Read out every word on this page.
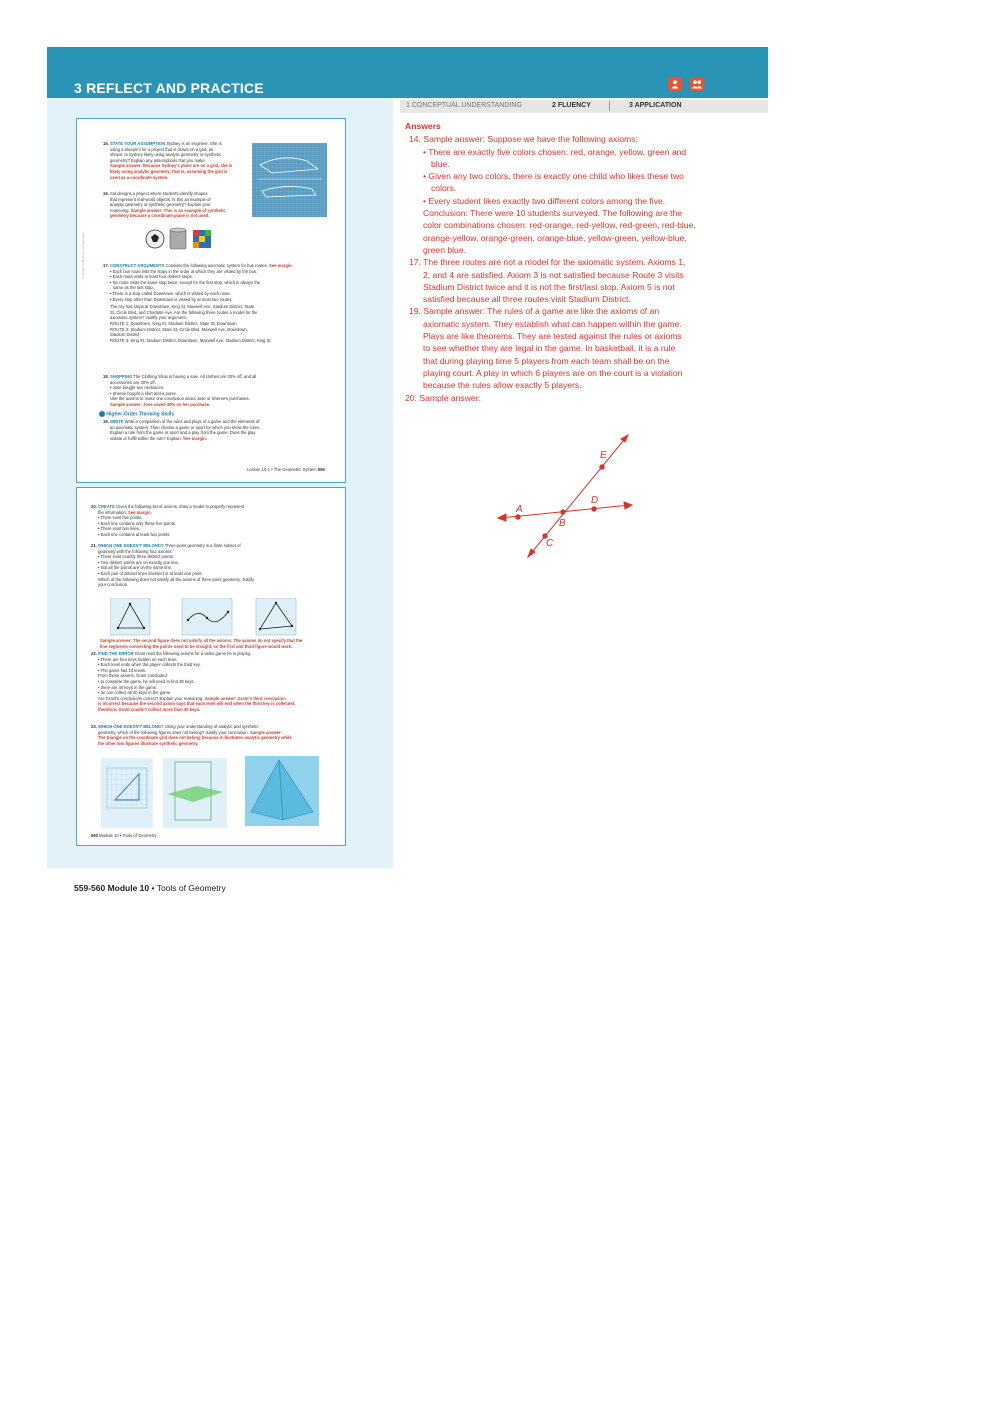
3 REFLECT AND PRACTICE
1 CONCEPTUAL UNDERSTANDING	2 FLUENCY	3 APPLICATION
Copyright © McGraw-Hill Education
15. STATE YOUR ASSUMPTION Sydney is an engineer. She is
using a blueprint for a project that is drawn on a grid, as
shown. Is Sydney likely using analytic geometry or synthetic
geometry? Explain any assumptions that you make.
Sample answer: Because Sydney's plans are on a grid, she is
likely using analytic geometry; that is, assuming the grid is
used as a coordinate system.
16. Sol designs a project where students identify shapes
that represent real-world objects. Is this an example of
analytic geometry or synthetic geometry? Explain your
reasoning. Sample answer: This is an example of synthetic
geometry because a coordinate plane is not used.
17. CONSTRUCT ARGUMENTS Consider the following axiomatic system for bus routes. See margin.
• Each bus route lists the stops in the order at which they are visited by the bus.
• Each route visits at least four distinct stops.
• No route visits the same stop twice, except for the first stop, which is always the
same as the last stop.
• There is a stop called Downtown, which is visited by each route.
• Every stop other than Downtown is visited by at most two routes.
The city has stops at Downtown, King St, Maxwell Ave, Stadium District, State
St, Circle Blvd, and Charlotte Ave. Are the following three routes a model for the
axiomatic system? Justify your argument.
ROUTE 1: Downtown, King St, Stadium District, State St, Downtown
ROUTE 2: Stadium District, State St, Circle Blvd, Maxwell Ave, Downtown,
Stadium District
ROUTE 3: King St, Stadium District, Downtown, Maxwell Ave, Stadium District, King St
18. SHOPPING The Clothing Shop is having a sale. All clothes are 20% off, and all
accessories are 30% off.
• Jose bought two necklaces.
• Sheree bought a shirt and a purse.
Use the axioms to make one conclusion about Jose or Sheree's purchases.
Sample answer: Jose saved 30% on her purchase.
Higher-Order Thinking Skills
19. WRITE Write a comparison of the rules and plays of a game and the elements of
an axiomatic system. Then choose a game or sport for which you know the rules.
Explain a rule from the game or sport and a play from the game. Does the play
violate or fulfill within the rule? Explain. See margin.
Lesson 10-1 • The Geometric System 559
20. CREATE Given the following list of axioms, draw a model to properly represent
the information. See margin.
• There exist five points.
• Each line contains only these five points.
• There exist two lines.
• Each line contains at least two points.
21. WHICH ONE DOESN'T BELONG? Three-point geometry is a finite subset of
geometry with the following four axioms:
• There exist exactly three distinct points.
• Two distinct points are on exactly one line.
• Not all the points are on the same line.
• Each pair of distinct lines intersect in at least one point.
Which of the following does not satisfy all the axioms of three-point geometry. Justify
your conclusion.
Sample answer: The second figure does not satisfy all the axioms. The axioms do not specify that the
line segments connecting the points need to be straight, so the first and third figure would work.
22. FIND THE ERROR Grant read the following axioms for a video game he is playing.
• There are four keys hidden on each level.
• Each level ends when the player collects the third key.
• The game has 10 levels.
From these axioms, Grant concluded:
• to complete the game, he will need to find 30 keys.
• there are 40 keys in the game.
• he can collect all 40 keys in the game.
Are Grant's conclusions correct? Explain your reasoning. Sample answer: Grant's third conclusion
is incorrect because the second axiom says that each level will end when the third key is collected;
therefore, Grant couldn't collect more than 30 keys.
23. WHICH ONE DOESN'T BELONG? Using your understanding of analytic and synthetic
geometry, which of the following figures does not belong? Justify your conclusion. Sample answer:
The triangle on the coordinate grid does not belong because it illustrates analytic geometry while
the other two figures illustrate synthetic geometry.
560 Module 10 • Tools of Geometry
Answers
14. Sample answer: Suppose we have the following axioms:
• There are exactly five colors chosen: red, orange, yellow, green and
blue.
• Given any two colors, there is exactly one child who likes these two
colors.
• Every student likes exactly two different colors among the five.
Conclusion: There were 10 students surveyed. The following are the
color combinations chosen: red-orange, red-yellow, red-green, red-blue,
orange-yellow, orange-green, orange-blue, yellow-green, yellow-blue,
green blue.
17. The three routes are not a model for the axiomatic system. Axioms 1,
2, and 4 are satisfied. Axiom 3 is not satisfied because Route 3 visits
Stadium District twice and it is not the first/last stop. Axiom 5 is not
satisfied because all three routes visit Stadium District.
19. Sample answer: The rules of a game are like the axioms of an
axiomatic system. They establish what can happen within the game.
Plays are like theorems. They are tested against the rules or axioms
to see whether they are legal in the game. In basketball, it is a rule
that during playing time 5 players from each team shall be on the
playing court. A play in which 6 players are on the court is a violation
because the rules allow exactly 5 players.
20. Sample answer:
E
A
B
D
C
559-560 Module 10 • Tools of Geometry
